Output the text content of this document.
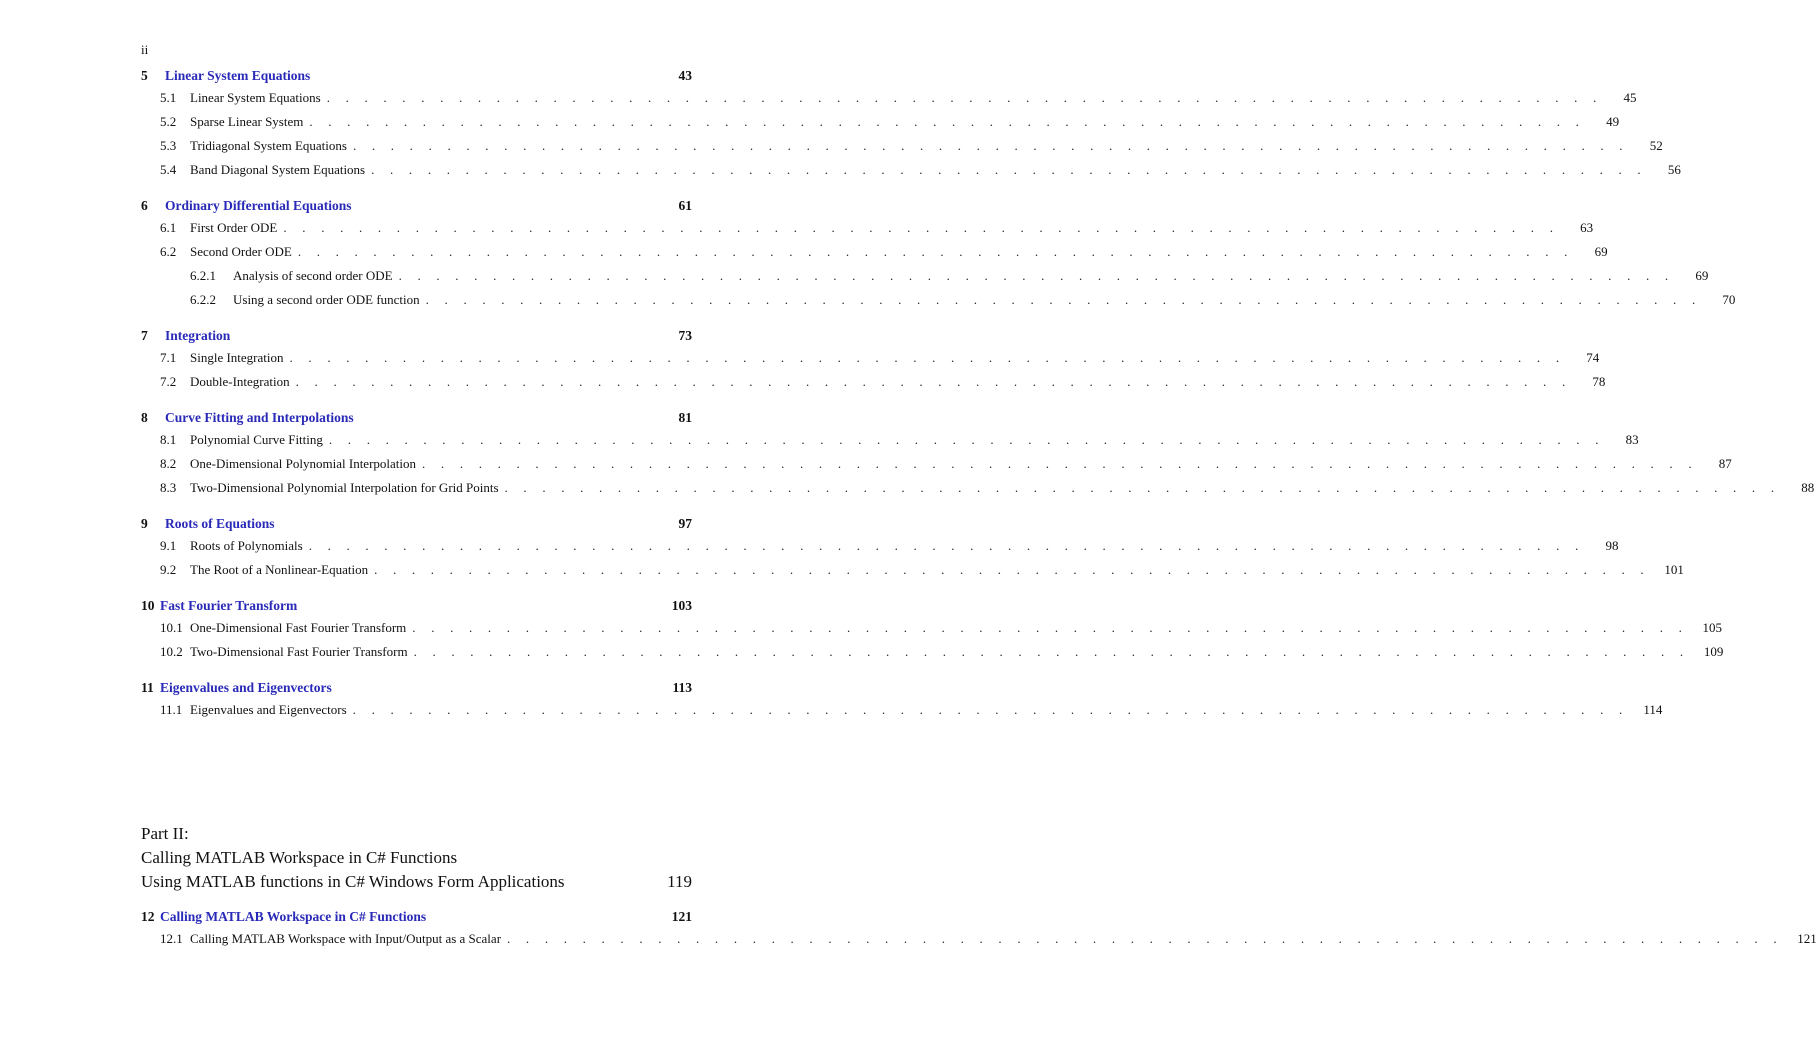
ii
5	Linear System Equations	43
5.1	Linear System Equations . . . . . . . . . . . . . . . . . . . . . . . . . . . . . . . . . . . . . . . . . . . . . . . . . . . . . . . . . . . . . . . . . . . .	45
5.2	Sparse Linear System . . . . . . . . . . . . . . . . . . . . . . . . . . . . . . . . . . . . . . . . . . . . . . . . . . . . . . . . . . . . . . . . . . . .	49
5.3	Tridiagonal System Equations . . . . . . . . . . . . . . . . . . . . . . . . . . . . . . . . . . . . . . . . . . . . . . . . . . . . . . . . . . . . . . . . . . . .	52
5.4	Band Diagonal System Equations . . . . . . . . . . . . . . . . . . . . . . . . . . . . . . . . . . . . . . . . . . . . . . . . . . . . . . . . . . . . . . . . . . . .	56
6	Ordinary Differential Equations	61
6.1	First Order ODE . . . . . . . . . . . . . . . . . . . . . . . . . . . . . . . . . . . . . . . . . . . . . . . . . . . . . . . . . . . . . . . . . . . .	63
6.2	Second Order ODE . . . . . . . . . . . . . . . . . . . . . . . . . . . . . . . . . . . . . . . . . . . . . . . . . . . . . . . . . . . . . . . . . . . .	69
6.2.1	Analysis of second order ODE . . . . . . . . . . . . . . . . . . . . . . . . . . . . . . . . . . . . . . . . . . . . . . . . . . . . . . . . . . . . . . . . . . . .	69
6.2.2	Using a second order ODE function . . . . . . . . . . . . . . . . . . . . . . . . . . . . . . . . . . . . . . . . . . . . . . . . . . . . . . . . . . . . . . . . . . . .	70
7	Integration	73
7.1	Single Integration . . . . . . . . . . . . . . . . . . . . . . . . . . . . . . . . . . . . . . . . . . . . . . . . . . . . . . . . . . . . . . . . . . . .	74
7.2	Double-Integration . . . . . . . . . . . . . . . . . . . . . . . . . . . . . . . . . . . . . . . . . . . . . . . . . . . . . . . . . . . . . . . . . . . .	78
8	Curve Fitting and Interpolations	81
8.1	Polynomial Curve Fitting . . . . . . . . . . . . . . . . . . . . . . . . . . . . . . . . . . . . . . . . . . . . . . . . . . . . . . . . . . . . . . . . . . . .	83
8.2	One-Dimensional Polynomial Interpolation . . . . . . . . . . . . . . . . . . . . . . . . . . . . . . . . . . . . . . . . . . . . . . . . . . . . . . . . . . . . . . . . . . . .	87
8.3	Two-Dimensional Polynomial Interpolation for Grid Points . . . . . . . . . . . . . . . . . . . . . . . . . . . . . . . . . . . . . . . . . . . . . . . . . . . . . . . . . . . . . . . . . . . .	88
9	Roots of Equations	97
9.1	Roots of Polynomials . . . . . . . . . . . . . . . . . . . . . . . . . . . . . . . . . . . . . . . . . . . . . . . . . . . . . . . . . . . . . . . . . . . .	98
9.2	The Root of a Nonlinear-Equation . . . . . . . . . . . . . . . . . . . . . . . . . . . . . . . . . . . . . . . . . . . . . . . . . . . . . . . . . . . . . . . . . . . .	101
10 Fast Fourier Transform	103
10.1 One-Dimensional Fast Fourier Transform . . . . . . . . . . . . . . . . . . . . . . . . . . . . . . . . . . . . . . . . . . . . . . . . . . . . . . . . . . . . . . . . . . . .	105
10.2 Two-Dimensional Fast Fourier Transform . . . . . . . . . . . . . . . . . . . . . . . . . . . . . . . . . . . . . . . . . . . . . . . . . . . . . . . . . . . . . . . . . . . .	109
11 Eigenvalues and Eigenvectors	113
11.1 Eigenvalues and Eigenvectors . . . . . . . . . . . . . . . . . . . . . . . . . . . . . . . . . . . . . . . . . . . . . . . . . . . . . . . . . . . . . . . . . . . .	114
Part II:
Calling MATLAB Workspace in C# Functions
Using MATLAB functions in C# Windows Form Applications	119
12 Calling MATLAB Workspace in C# Functions	121
12.1 Calling MATLAB Workspace with Input/Output as a Scalar . . . . . . . . . . . . . . . . . . . . . . . . . . . . . . . . . . . . . . . . . . . . . . . . . . . . . . . . . . . . . . . . . . . .	121
